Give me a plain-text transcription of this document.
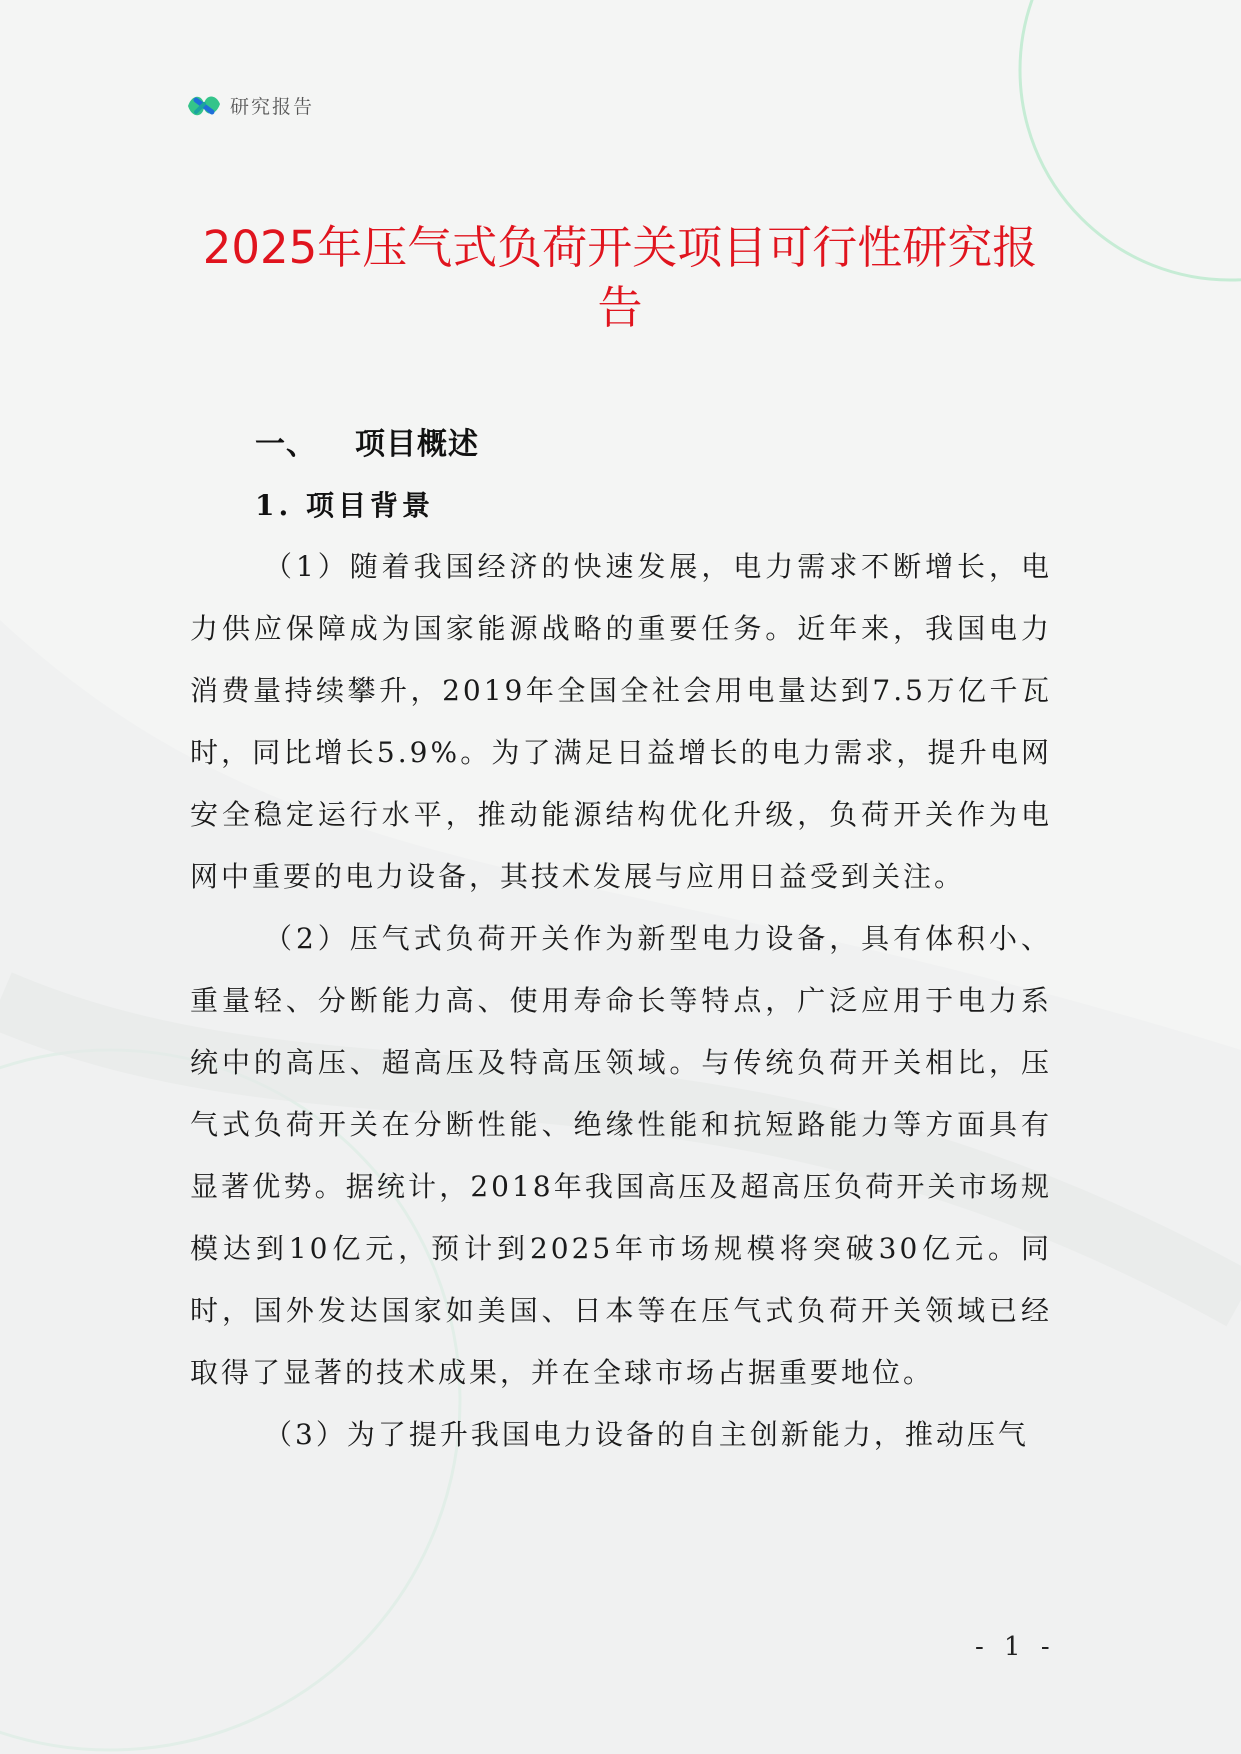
研究报告
2025年压气式负荷开关项目可行性研究报告
一、 项目概述
1. 项目背景

（1）随着我国经济的快速发展，电力需求不断增长，电力供应保障成为国家能源战略的重要任务。近年来，我国电力消费量持续攀升，2019年全国全社会用电量达到7.5万亿千瓦时，同比增长5.9%。为了满足日益增长的电力需求，提升电网安全稳定运行水平，推动能源结构优化升级，负荷开关作为电网中重要的电力设备，其技术发展与应用日益受到关注。

（2）压气式负荷开关作为新型电力设备，具有体积小、重量轻、分断能力高、使用寿命长等特点，广泛应用于电力系统中的高压、超高压及特高压领域。与传统负荷开关相比，压气式负荷开关在分断性能、绝缘性能和抗短路能力等方面具有显著优势。据统计，2018年我国高压及超高压负荷开关市场规模达到10亿元，预计到2025年市场规模将突破30亿元。同时，国外发达国家如美国、日本等在压气式负荷开关领域已经取得了显著的技术成果，并在全球市场占据重要地位。

（3）为了提升我国电力设备的自主创新能力，推动压气

- 1 -
